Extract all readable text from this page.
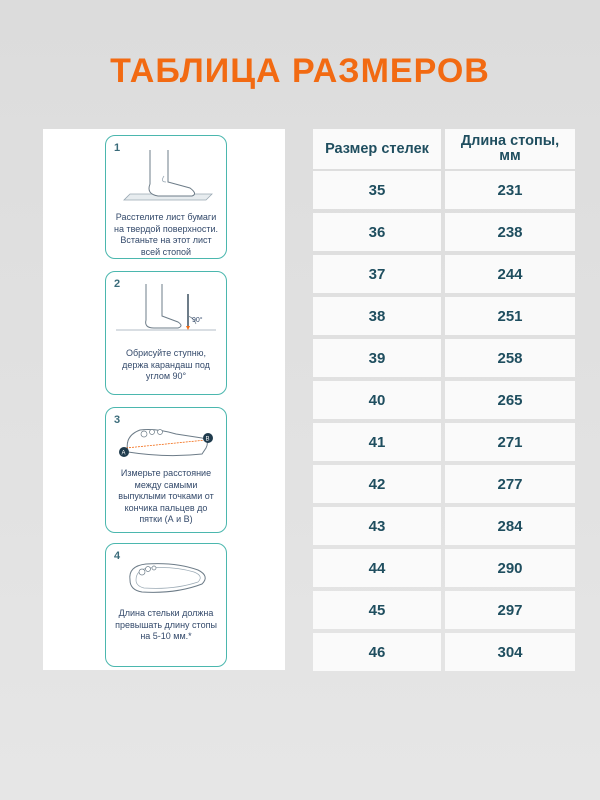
ТАБЛИЦА РАЗМЕРОВ
1
Расстелите лист бумаги
на твердой поверхности.
Встаньте на этот лист
всей стопой
2
90°
Обрисуйте ступню,
держа карандаш под
углом 90°
3
A
B
Измерьте расстояние
между самыми
выпуклыми точками от
кончика пальцев до
пятки (А и В)
4
Длина стельки должна
превышать длину стопы
на 5-10 мм.*
Размер стелек	Длина стопы, мм
35	231
36	238
37	244
38	251
39	258
40	265
41	271
42	277
43	284
44	290
45	297
46	304
